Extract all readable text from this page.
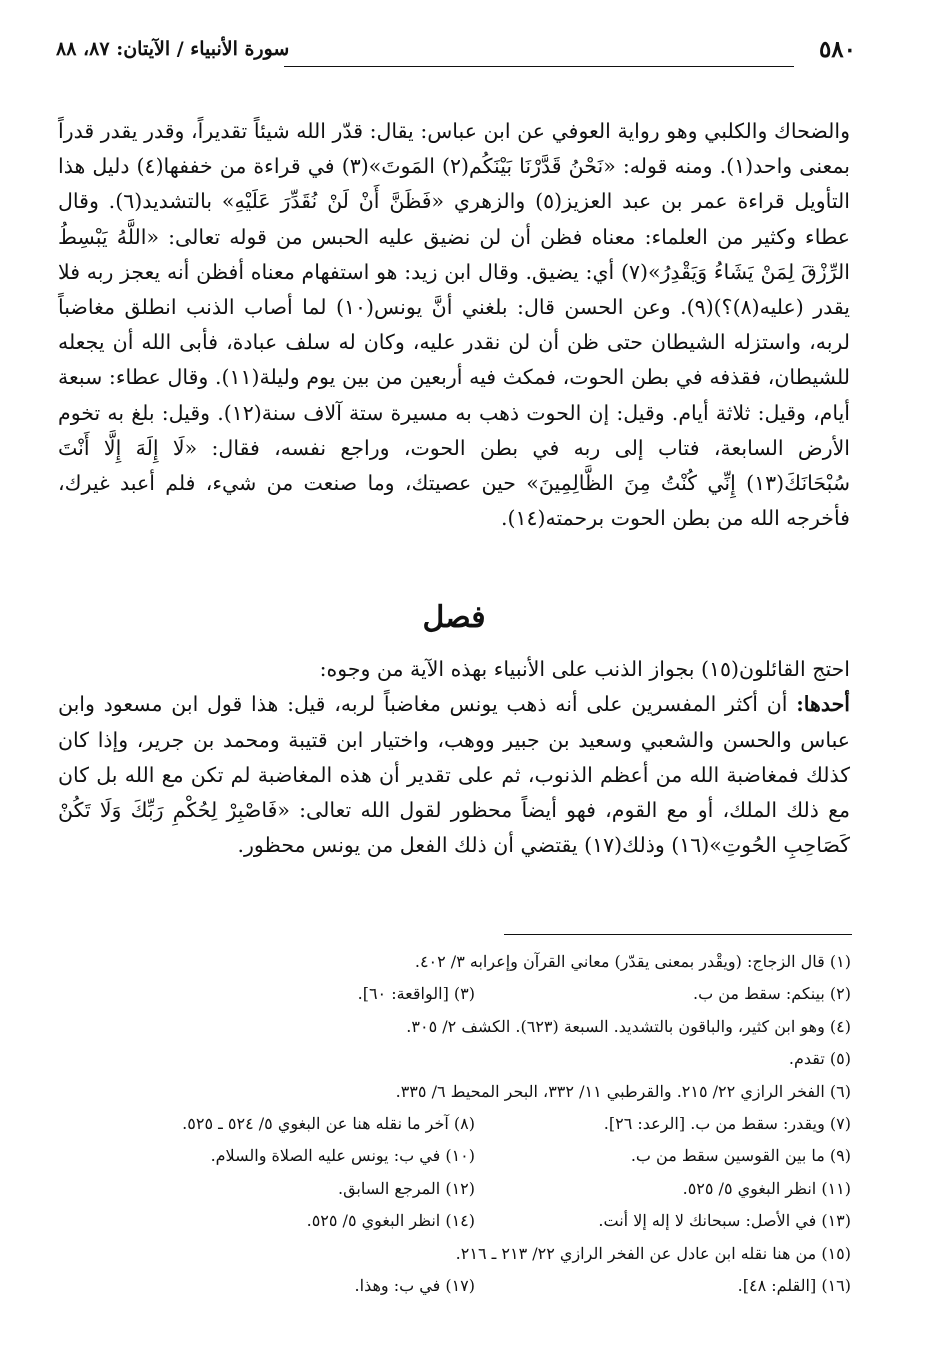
٥٨٠
سورة الأنبياء / الآيتان: ٨٧، ٨٨

والضحاك والكلبي وهو رواية العوفي عن ابن عباس: يقال: قدّر الله شيئاً تقديراً، وقدر يقدر قدراً بمعنى واحد(١). ومنه قوله: «نَحْنُ قَدَّرْنَا بَيْنَكُم(٢) المَوتَ»(٣) في قراءة من خففها(٤) دليل هذا التأويل قراءة عمر بن عبد العزيز(٥) والزهري «فَظَنَّ أَنْ لَنْ نُقَدِّرَ عَلَيْهِ» بالتشديد(٦). وقال عطاء وكثير من العلماء: معناه فظن أن لن نضيق عليه الحبس من قوله تعالى: «اللَّهُ يَبْسِطُ الرِّزْقَ لِمَنْ يَشَاءُ وَيَقْدِرُ»(٧) أي: يضيق. وقال ابن زيد: هو استفهام معناه أفظن أنه يعجز ربه فلا يقدر (عليه(٨)؟)(٩). وعن الحسن قال: بلغني أنَّ يونس(١٠) لما أصاب الذنب انطلق مغاضباً لربه، واستزله الشيطان حتى ظن أن لن نقدر عليه، وكان له سلف عبادة، فأبى الله أن يجعله للشيطان، فقذفه في بطن الحوت، فمكث فيه أربعين من بين يوم وليلة(١١). وقال عطاء: سبعة أيام، وقيل: ثلاثة أيام. وقيل: إن الحوت ذهب به مسيرة ستة آلاف سنة(١٢). وقيل: بلغ به تخوم الأرض السابعة، فتاب إلى ربه في بطن الحوت، وراجع نفسه، فقال: «لَا إِلَهَ إِلَّا أَنْتَ سُبْحَانَكَ(١٣) إِنِّي كُنْتُ مِنَ الظَّالِمِينَ» حين عصيتك، وما صنعت من شيء، فلم أعبد غيرك، فأخرجه الله من بطن الحوت برحمته(١٤).

فصل

احتج القائلون(١٥) بجواز الذنب على الأنبياء بهذه الآية من وجوه:

أحدها: أن أكثر المفسرين على أنه ذهب يونس مغاضباً لربه، قيل: هذا قول ابن مسعود وابن عباس والحسن والشعبي وسعيد بن جبير ووهب، واختيار ابن قتيبة ومحمد بن جرير، وإذا كان كذلك فمغاضبة الله من أعظم الذنوب، ثم على تقدير أن هذه المغاضبة لم تكن مع الله بل كان مع ذلك الملك، أو مع القوم، فهو أيضاً محظور لقول الله تعالى: «فَاصْبِرْ لِحُكْمِ رَبِّكَ وَلَا تَكُنْ كَصَاحِبِ الحُوتِ»(١٦) وذلك(١٧) يقتضي أن ذلك الفعل من يونس محظور.

(١) قال الزجاج: (ويقْدر بمعنى يقدّر) معاني القرآن وإعرابه ٣/ ٤٠٢.
(٢) بينكم: سقط من ب.
(٣) [الواقعة: ٦٠].
(٤) وهو ابن كثير، والباقون بالتشديد. السبعة (٦٢٣). الكشف ٢/ ٣٠٥.
(٥) تقدم.
(٦) الفخر الرازي ٢٢/ ٢١٥. والقرطبي ١١/ ٣٣٢، البحر المحيط ٦/ ٣٣٥.
(٧) ويقدر: سقط من ب. [الرعد: ٢٦].
(٨) آخر ما نقله هنا عن البغوي ٥/ ٥٢٤ ـ ٥٢٥.
(٩) ما بين القوسين سقط من ب.
(١٠) في ب: يونس عليه الصلاة والسلام.
(١١) انظر البغوي ٥/ ٥٢٥.
(١٢) المرجع السابق.
(١٣) في الأصل: سبحانك لا إله إلا أنت.
(١٤) انظر البغوي ٥/ ٥٢٥.
(١٥) من هنا نقله ابن عادل عن الفخر الرازي ٢٢/ ٢١٣ ـ ٢١٦.
(١٦) [القلم: ٤٨].
(١٧) في ب: وهذا.
